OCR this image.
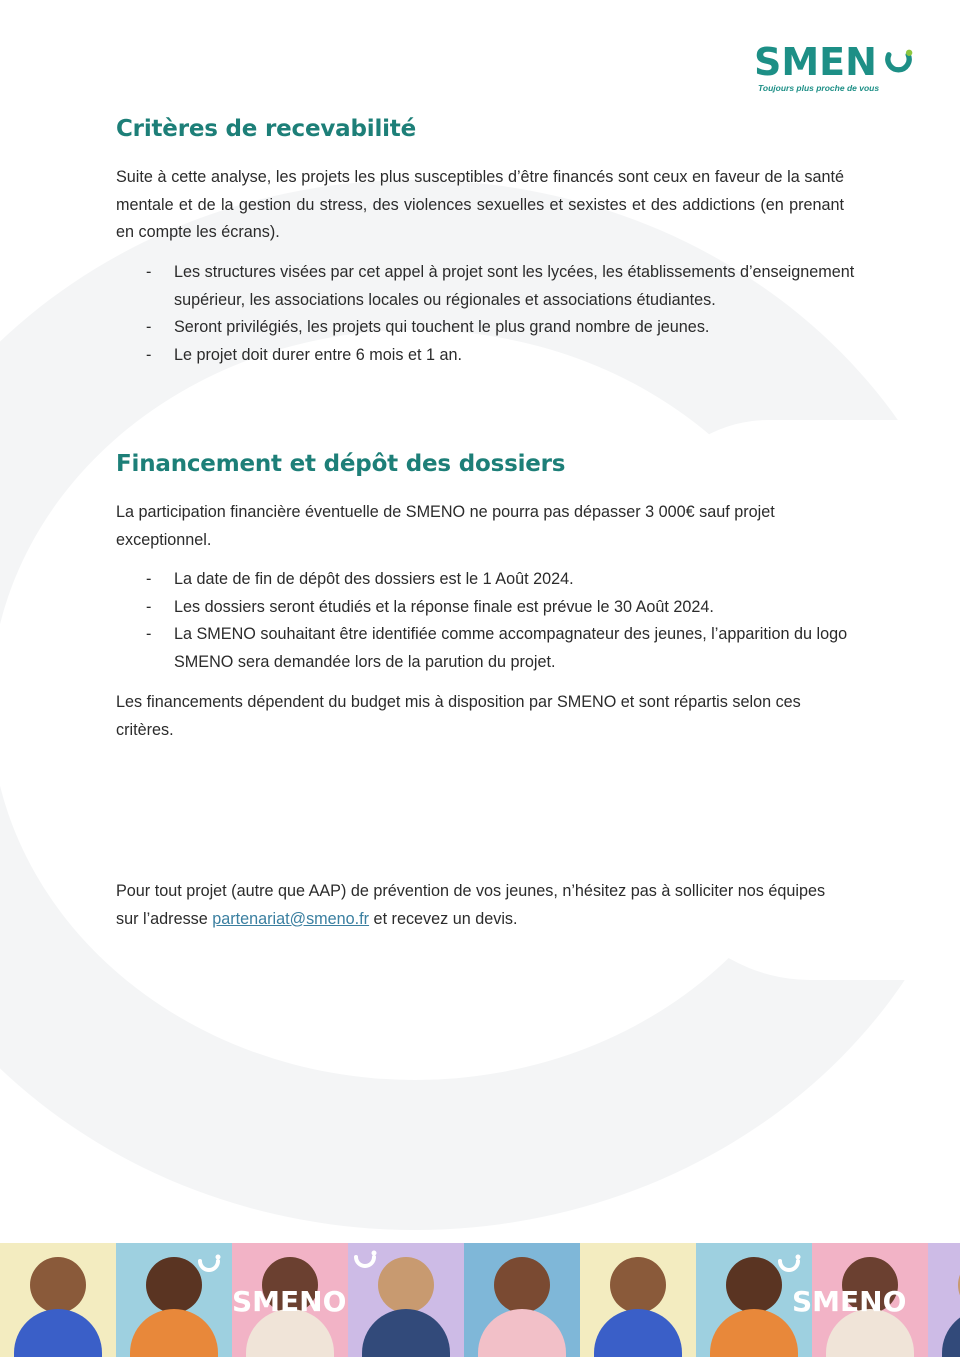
SMEN
Toujours plus proche de vous
Critères de recevabilité

Suite à cette analyse, les projets les plus susceptibles d’être financés sont ceux en faveur de la santé mentale et de la gestion du stress, des violences sexuelles et sexistes et des addictions (en prenant en compte les écrans).

- Les structures visées par cet appel à projet sont les lycées, les établissements d’enseignement supérieur, les associations locales ou régionales et associations étudiantes.
- Seront privilégiés, les projets qui touchent le plus grand nombre de jeunes.
- Le projet doit durer entre 6 mois et 1 an.
Financement et dépôt des dossiers

La participation financière éventuelle de SMENO ne pourra pas dépasser 3 000€ sauf projet exceptionnel.

- La date de fin de dépôt des dossiers est le 1 Août 2024.
- Les dossiers seront étudiés et la réponse finale est prévue le 30 Août 2024.
- La SMENO souhaitant être identifiée comme accompagnateur des jeunes, l’apparition du logo SMENO sera demandée lors de la parution du projet.

Les financements dépendent du budget mis à disposition par SMENO et sont répartis selon ces critères.

Pour tout projet (autre que AAP) de prévention de vos jeunes, n’hésitez pas à solliciter nos équipes sur l’adresse partenariat@smeno.fr et recevez un devis.

SMENO	SMENO
